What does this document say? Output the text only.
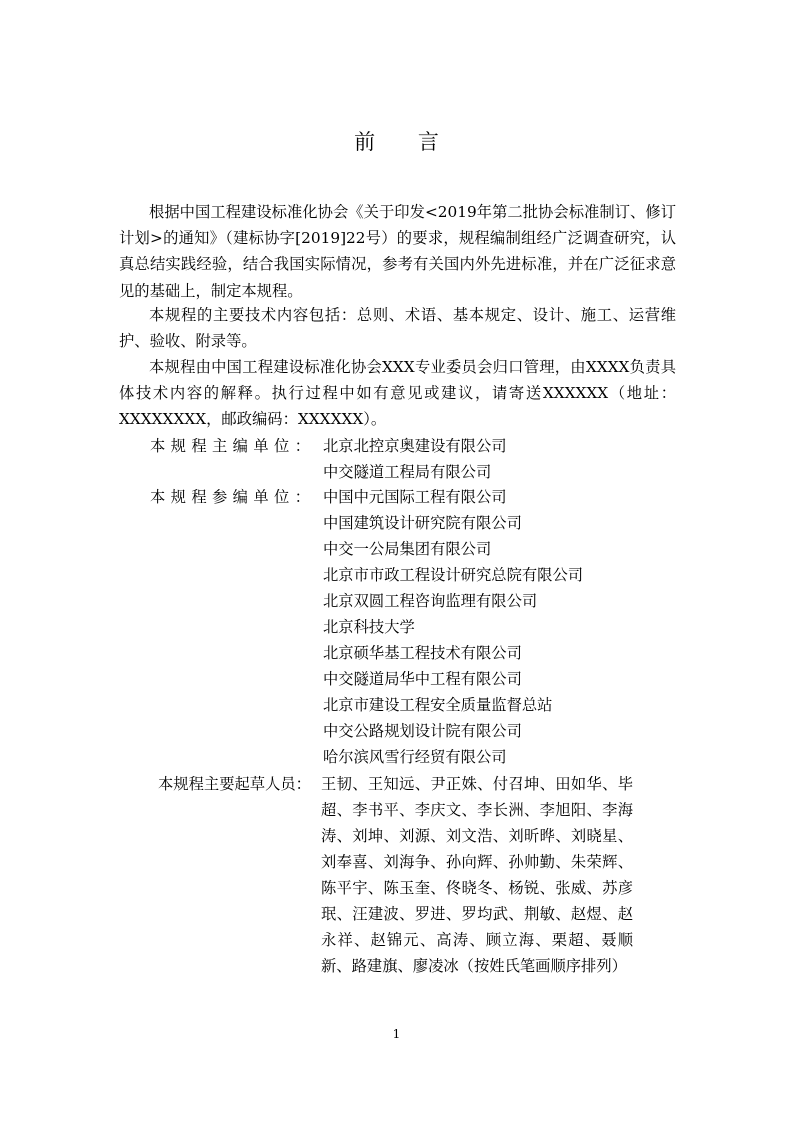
前 言

根据中国工程建设标准化协会《关于印发<2019年第二批协会标准制订、修订计划>的通知》（建标协字[2019]22号）的要求，规程编制组经广泛调查研究，认真总结实践经验，结合我国实际情况，参考有关国内外先进标准，并在广泛征求意见的基础上，制定本规程。

本规程的主要技术内容包括：总则、术语、基本规定、设计、施工、运营维护、验收、附录等。

本规程由中国工程建设标准化协会XXX专业委员会归口管理，由XXXX负责具体技术内容的解释。执行过程中如有意见或建议，请寄送XXXXXX（地址：XXXXXXXX，邮政编码：XXXXXX）。

本规程主编单位： 北京北控京奥建设有限公司
中交隧道工程局有限公司
本规程参编单位： 中国中元国际工程有限公司
中国建筑设计研究院有限公司
中交一公局集团有限公司
北京市市政工程设计研究总院有限公司
北京双圆工程咨询监理有限公司
北京科技大学
北京硕华基工程技术有限公司
中交隧道局华中工程有限公司
北京市建设工程安全质量监督总站
中交公路规划设计院有限公司
哈尔滨风雪行经贸有限公司
本规程主要起草人员： 王韧、王知远、尹正姝、付召坤、田如华、毕超、李书平、李庆文、李长洲、李旭阳、李海涛、刘坤、刘源、刘文浩、刘昕晔、刘晓星、刘奉喜、刘海争、孙向辉、孙帅勤、朱荣辉、陈平宇、陈玉奎、佟晓冬、杨锐、张威、苏彦珉、汪建波、罗进、罗均武、荆敏、赵煜、赵永祥、赵锦元、高涛、顾立海、栗超、聂顺新、路建旗、廖凌冰（按姓氏笔画顺序排列）

1
